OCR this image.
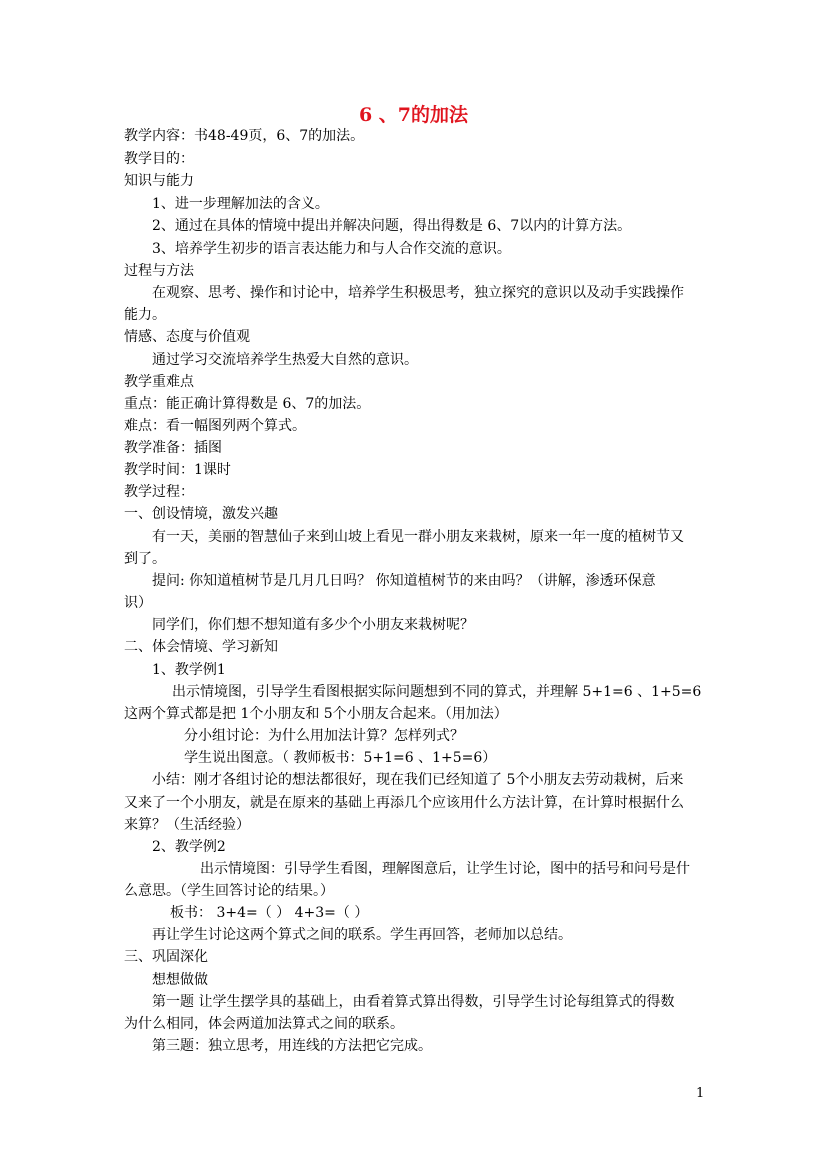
6 、7的加法
教学内容：书48-49页，6、7的加法。
教学目的：
知识与能力
1、进一步理解加法的含义。
2、通过在具体的情境中提出并解决问题，得出得数是 6、7以内的计算方法。
3、培养学生初步的语言表达能力和与人合作交流的意识。
过程与方法
在观察、思考、操作和讨论中，培养学生积极思考，独立探究的意识以及动手实践操作
能力。
情感、态度与价值观
通过学习交流培养学生热爱大自然的意识。
教学重难点
重点：能正确计算得数是 6、7的加法。
难点：看一幅图列两个算式。
教学准备：插图
教学时间：1课时
教学过程：
一、创设情境，激发兴趣
有一天，美丽的智慧仙子来到山坡上看见一群小朋友来栽树，原来一年一度的植树节又
到了。
提问: 你知道植树节是几月几日吗？ 你知道植树节的来由吗？（讲解，渗透环保意
识）
同学们，你们想不想知道有多少个小朋友来栽树呢？
二、体会情境、学习新知
1、教学例1
出示情境图，引导学生看图根据实际问题想到不同的算式，并理解 5+1=6 、1+5=6
这两个算式都是把 1个小朋友和 5个小朋友合起来。（用加法）
分小组讨论：为什么用加法计算？怎样列式？
学生说出图意。（ 教师板书：5+1=6 、1+5=6）
小结：刚才各组讨论的想法都很好，现在我们已经知道了 5个小朋友去劳动栽树，后来
又来了一个小朋友，就是在原来的基础上再添几个应该用什么方法计算，在计算时根据什么
来算？（生活经验）
2、教学例2
出示情境图：引导学生看图，理解图意后，让学生讨论，图中的括号和问号是什
么意思。（学生回答讨论的结果。）
板书： 3+4=（ ） 4+3=（ ）
再让学生讨论这两个算式之间的联系。学生再回答，老师加以总结。
三、巩固深化
想想做做
第一题 让学生摆学具的基础上，由看着算式算出得数，引导学生讨论每组算式的得数
为什么相同，体会两道加法算式之间的联系。
第三题：独立思考，用连线的方法把它完成。
1
